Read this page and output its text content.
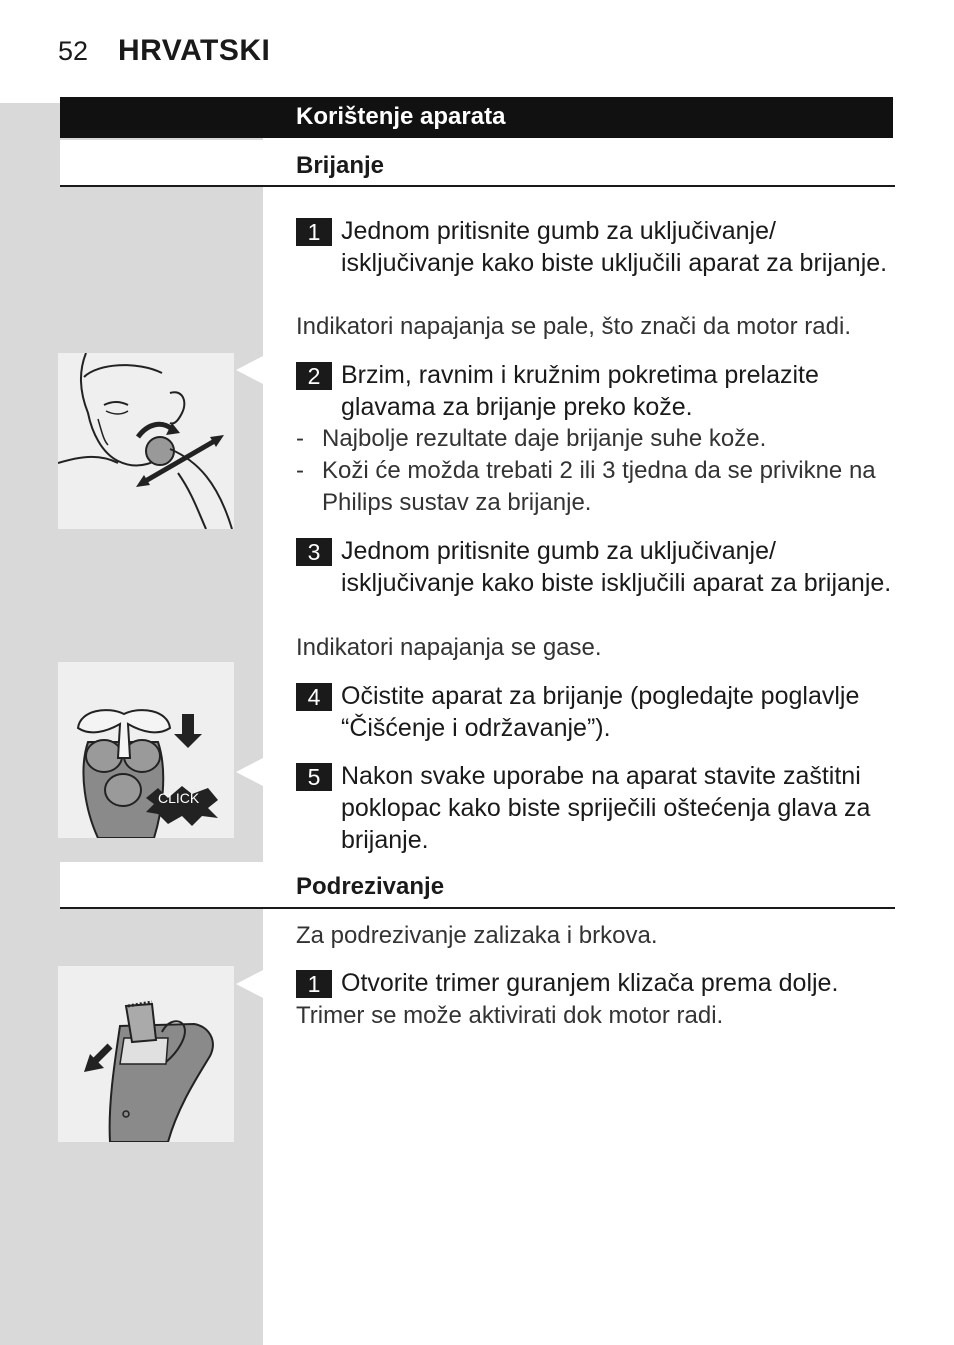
52 HRVATSKI
Korištenje aparata
Brijanje
1 Jednom pritisnite gumb za uključivanje/ isključivanje kako biste uključili aparat za brijanje.
Indikatori napajanja se pale, što znači da motor radi.
2 Brzim, ravnim i kružnim pokretima prelazite glavama za brijanje preko kože.
- Najbolje rezultate daje brijanje suhe kože.
- Koži će možda trebati 2 ili 3 tjedna da se privikne na Philips sustav za brijanje.
3 Jednom pritisnite gumb za uključivanje/ isključivanje kako biste isključili aparat za brijanje.
Indikatori napajanja se gase.
CLICK
4 Očistite aparat za brijanje (pogledajte poglavlje “Čišćenje i održavanje”).
5 Nakon svake uporabe na aparat stavite zaštitni poklopac kako biste spriječili oštećenja glava za brijanje.
Podrezivanje
Za podrezivanje zalizaka i brkova.
1 Otvorite trimer guranjem klizača prema dolje.
Trimer se može aktivirati dok motor radi.
